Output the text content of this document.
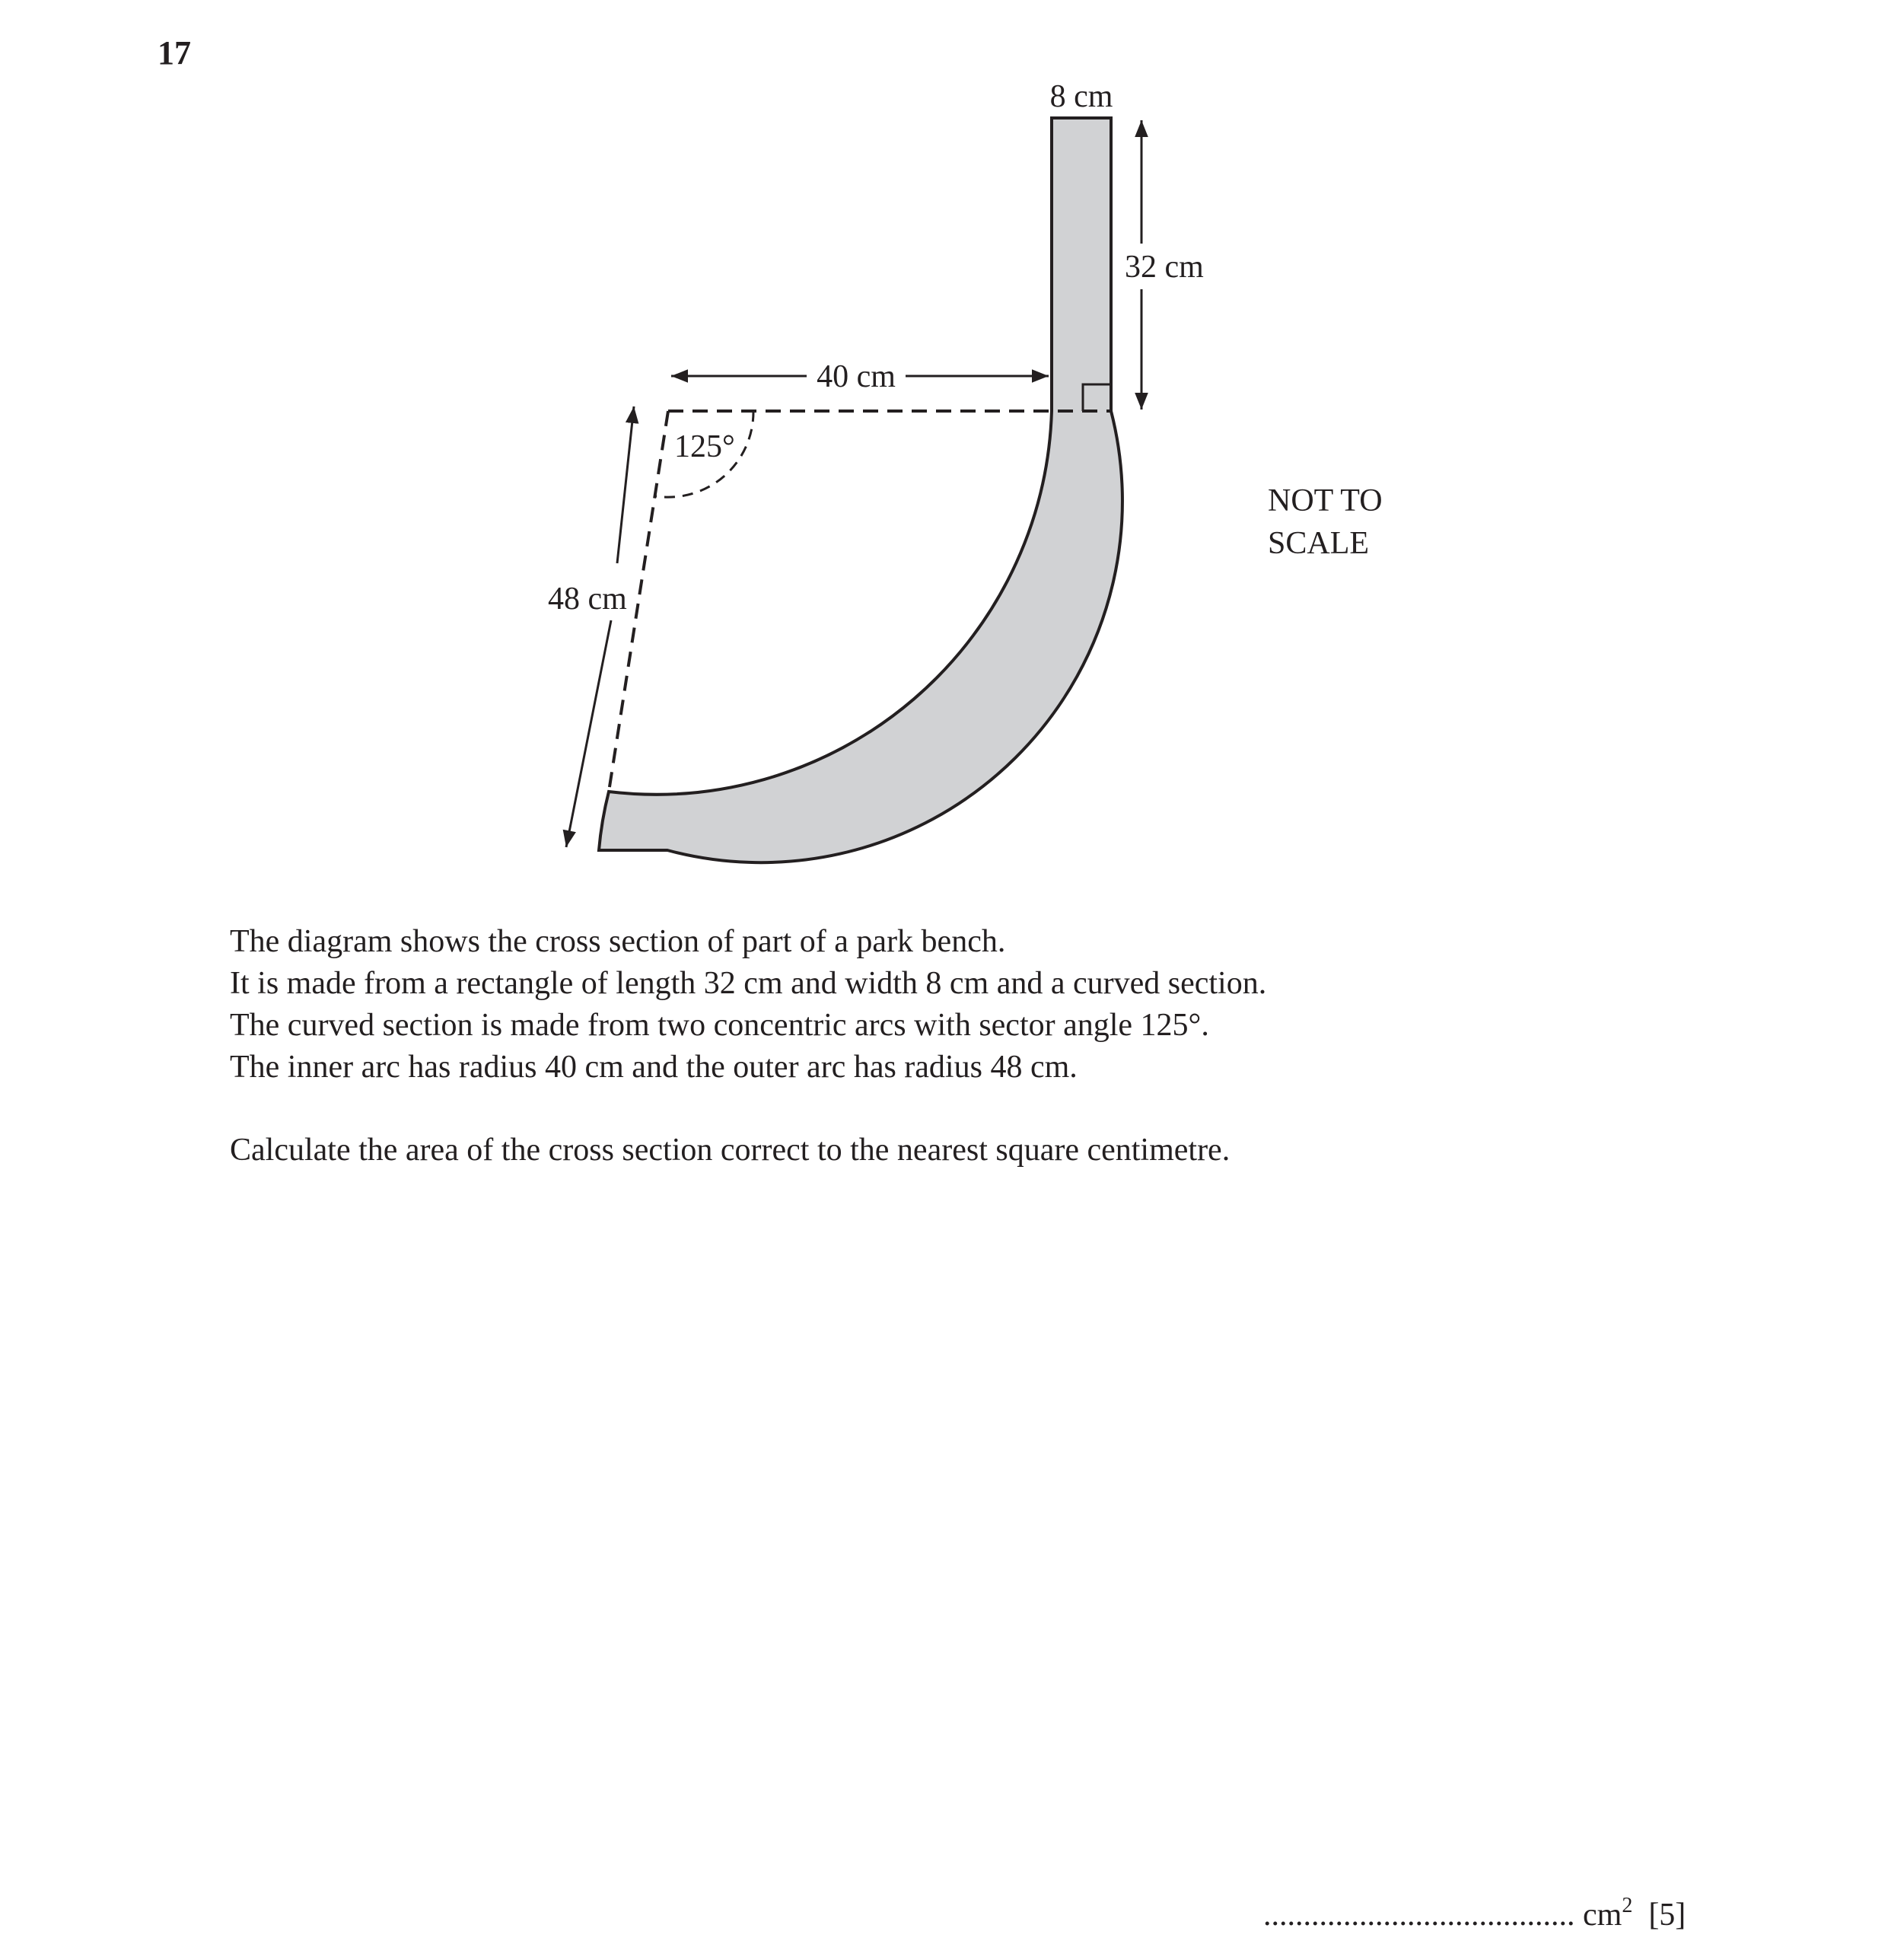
17
40 cm
32 cm
48 cm
8 cm
125°
NOT TO
SCALE
The diagram shows the cross section of part of a park bench.
It is made from a rectangle of length 32 cm and width 8 cm and a curved section.
The curved section is made from two concentric arcs with sector angle 125°.
The inner arc has radius 40 cm and the outer arc has radius 48 cm.
Calculate the area of the cross section correct to the nearest square centimetre.
....................................... $cm^2$ [5]
